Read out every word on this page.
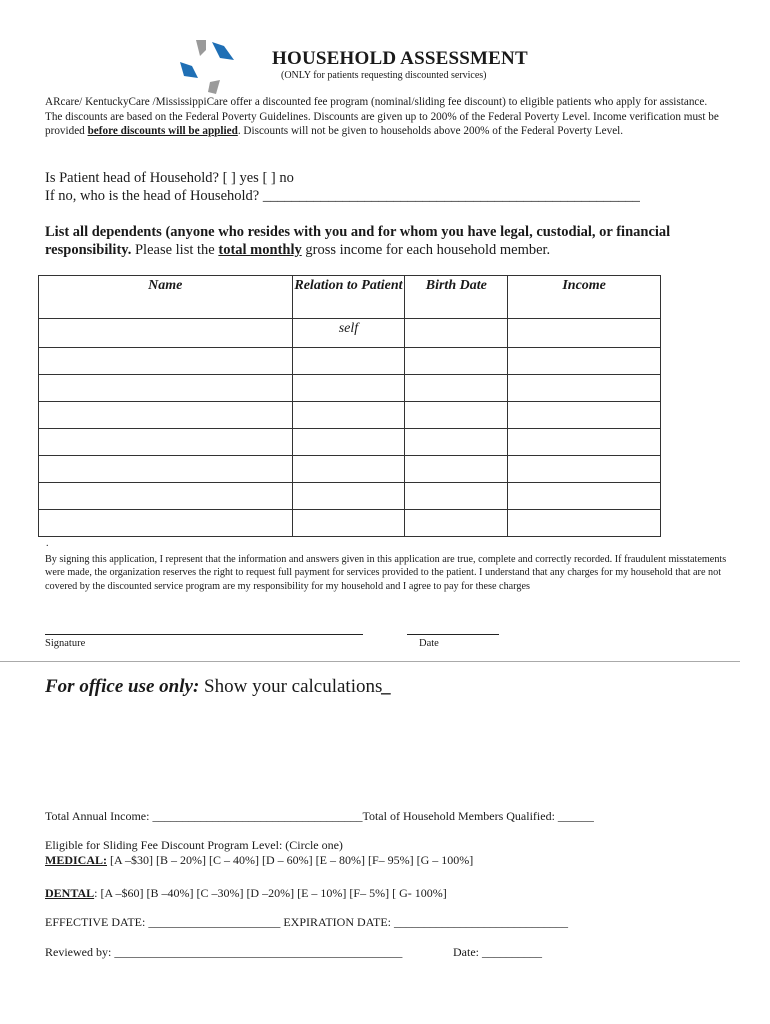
HOUSEHOLD ASSESSMENT
(ONLY for patients requesting discounted services)
ARcare/ KentuckyCare /MississippiCare offer a discounted fee program (nominal/sliding fee discount) to eligible patients who apply for assistance. The discounts are based on the Federal Poverty Guidelines. Discounts are given up to 200% of the Federal Poverty Level. Income verification must be provided before discounts will be applied. Discounts will not be given to households above 200% of the Federal Poverty Level.
Is Patient head of Household? [ ] yes [ ] no
If no, who is the head of Household? ____________________________________________________
List all dependents (anyone who resides with you and for whom you have legal, custodial, or financial responsibility. Please list the total monthly gross income for each household member.
Name	Relation to Patient	Birth Date	Income
	self		

.
By signing this application, I represent that the information and answers given in this application are true, complete and correctly recorded. If fraudulent misstatements were made, the organization reserves the right to request full payment for services provided to the patient. I understand that any charges for my household that are not covered by the discounted service program are my responsibility for my household and I agree to pay for these charges
Signature	Date
For office use only: Show your calculations_
Total Annual Income: ___________________________________Total of Household Members Qualified: ______
Eligible for Sliding Fee Discount Program Level: (Circle one)
MEDICAL: [A –$30] [B – 20%] [C – 40%] [D – 60%] [E – 80%] [F– 95%] [G – 100%]
DENTAL: [A –$60] [B –40%] [C –30%] [D –20%] [E – 10%] [F– 5%] [ G- 100%]
EFFECTIVE DATE: ______________________ EXPIRATION DATE: _____________________________
Reviewed by: ________________________________________________	Date: __________
